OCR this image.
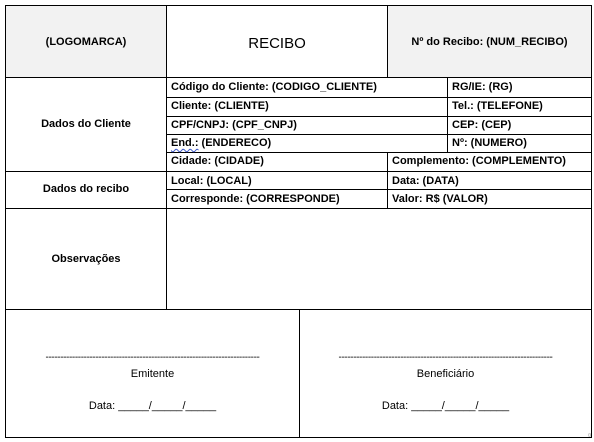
(LOGOMARCA)	RECIBO	Nº do Recibo: (NUM_RECIBO)
Dados do Cliente
Código do Cliente: (CODIGO_CLIENTE)	RG/IE: (RG)
Cliente: (CLIENTE)	Tel.: (TELEFONE)
CPF/CNPJ: (CPF_CNPJ)	CEP: (CEP)
End.: (ENDERECO)	Nº: (NUMERO)
Cidade: (CIDADE)	Complemento: (COMPLEMENTO)
Dados do recibo
Local: (LOCAL)	Data: (DATA)
Corresponde: (CORRESPONDE)	Valor: R$ (VALOR)
Observações
-------------------------------------------------------------------------
Emitente
Data: _____/_____/_____
-------------------------------------------------------------------------
Beneficiário
Data: _____/_____/_____
¤
